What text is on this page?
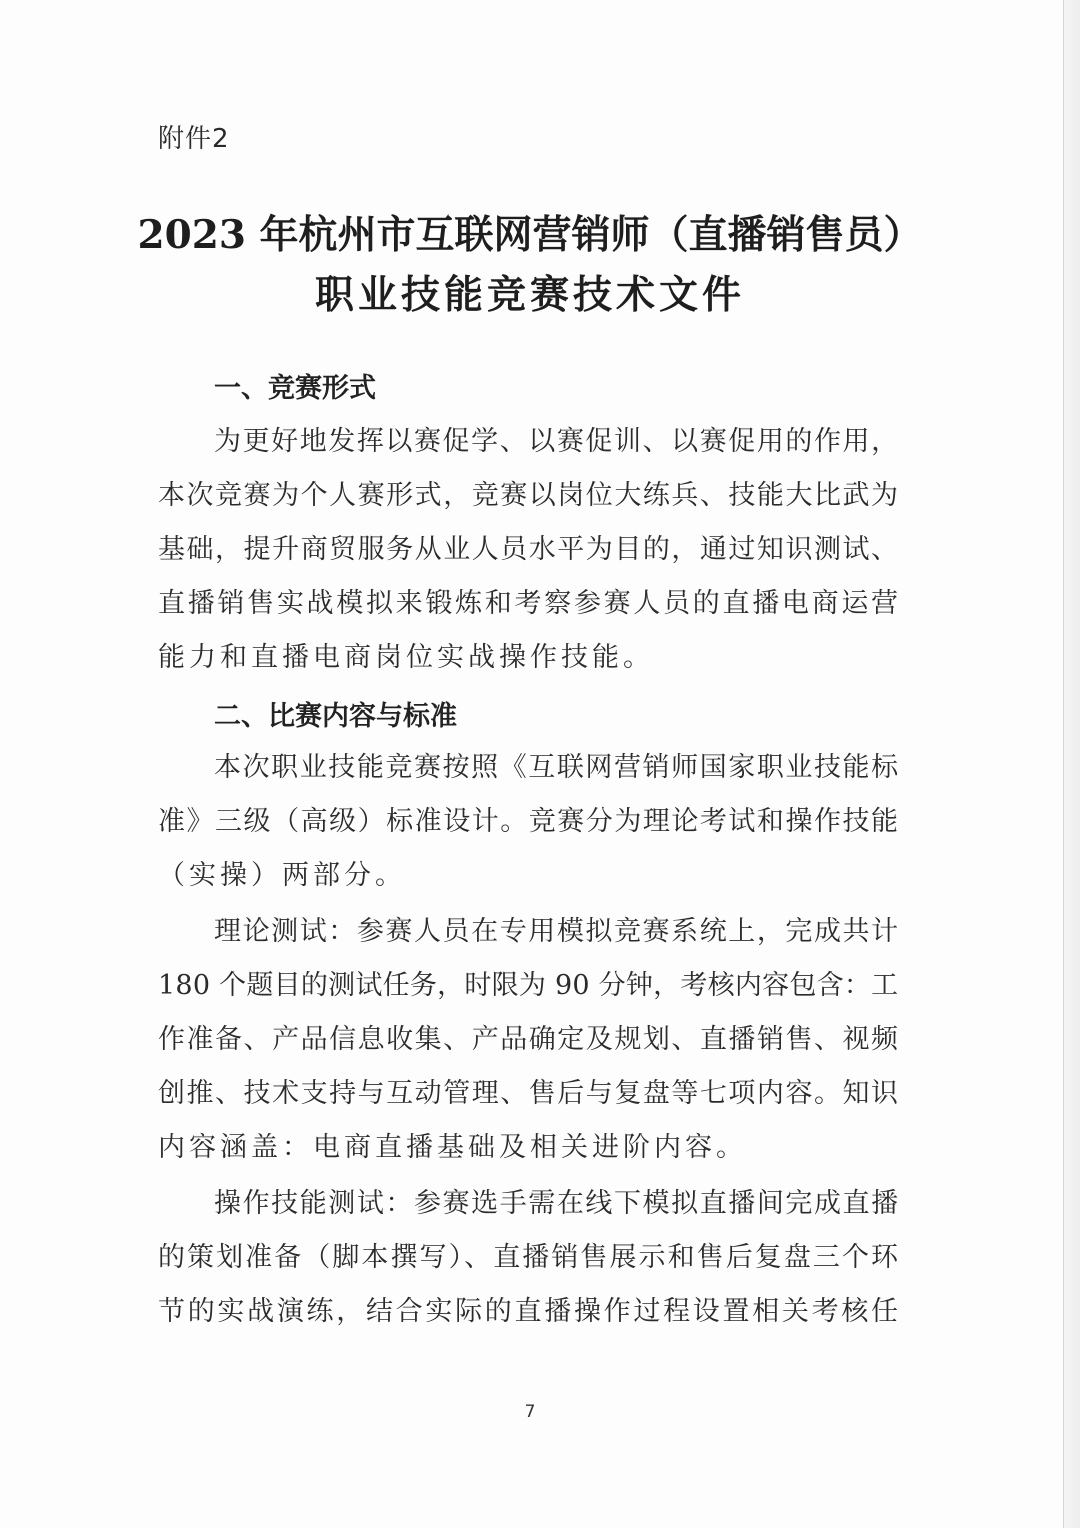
附件2
2023 年杭州市互联网营销师（直播销售员）
职业技能竞赛技术文件
一、竞赛形式
为更好地发挥以赛促学、以赛促训、以赛促用的作用，
本次竞赛为个人赛形式，竞赛以岗位大练兵、技能大比武为
基础，提升商贸服务从业人员水平为目的，通过知识测试、
直播销售实战模拟来锻炼和考察参赛人员的直播电商运营
能力和直播电商岗位实战操作技能。
二、比赛内容与标准
本次职业技能竞赛按照《互联网营销师国家职业技能标
准》三级（高级）标准设计。竞赛分为理论考试和操作技能
（实操）两部分。
理论测试：参赛人员在专用模拟竞赛系统上，完成共计
180 个题目的测试任务，时限为 90 分钟，考核内容包含：工
作准备、产品信息收集、产品确定及规划、直播销售、视频
创推、技术支持与互动管理、售后与复盘等七项内容。知识
内容涵盖：电商直播基础及相关进阶内容。
操作技能测试：参赛选手需在线下模拟直播间完成直播
的策划准备（脚本撰写）、直播销售展示和售后复盘三个环
节的实战演练，结合实际的直播操作过程设置相关考核任
7
